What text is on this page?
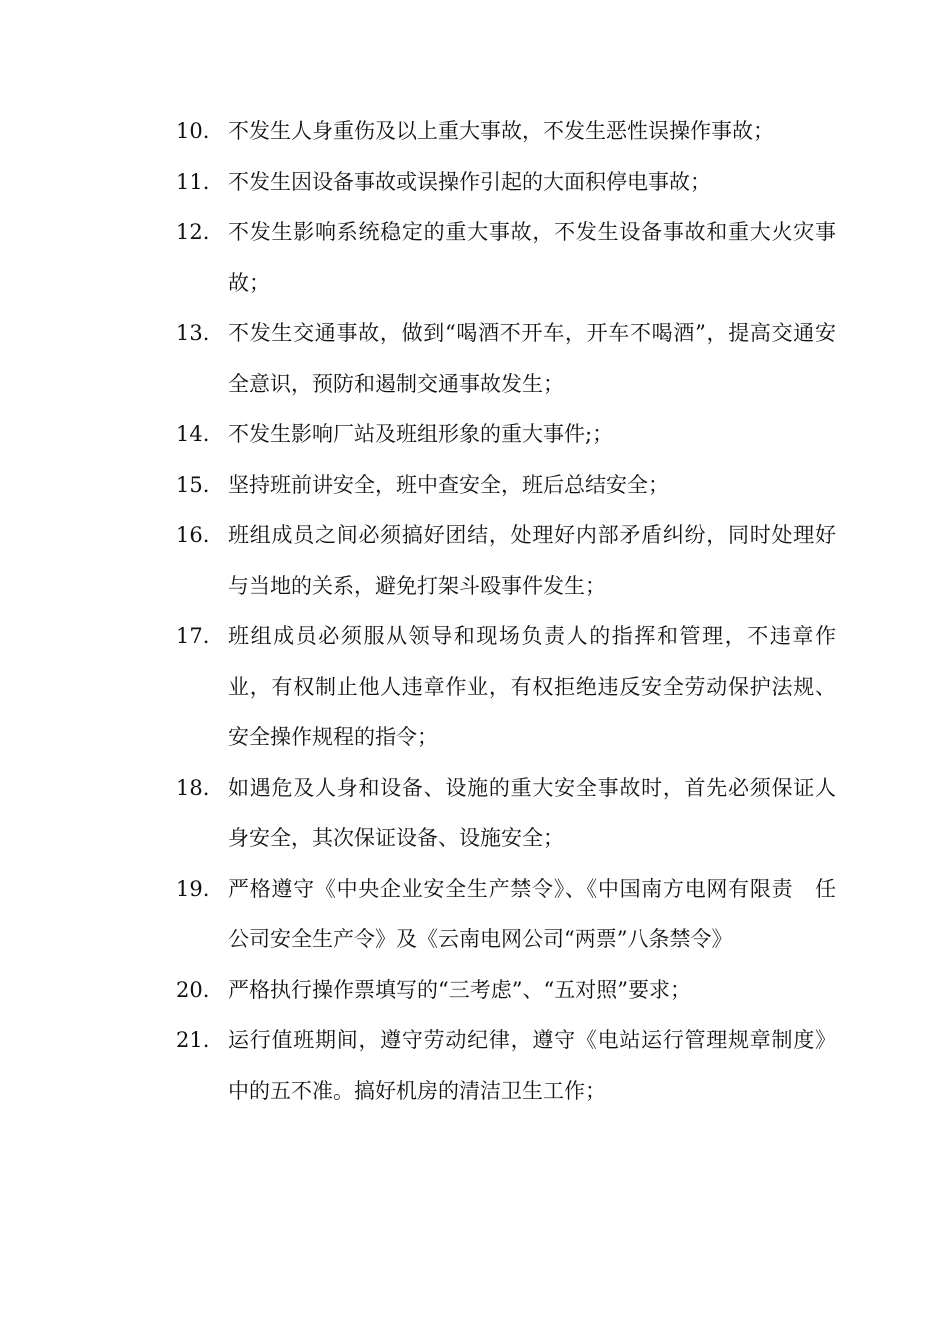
10. 不发生人身重伤及以上重大事故，不发生恶性误操作事故；
11. 不发生因设备事故或误操作引起的大面积停电事故；
12. 不发生影响系统稳定的重大事故，不发生设备事故和重大火灾事故；
13. 不发生交通事故，做到“喝酒不开车，开车不喝酒”，提高交通安全意识，预防和遏制交通事故发生；
14. 不发生影响厂站及班组形象的重大事件;；
15. 坚持班前讲安全，班中查安全，班后总结安全；
16. 班组成员之间必须搞好团结，处理好内部矛盾纠纷，同时处理好与当地的关系，避免打架斗殴事件发生；
17. 班组成员必须服从领导和现场负责人的指挥和管理，不违章作业，有权制止他人违章作业，有权拒绝违反安全劳动保护法规、安全操作规程的指令；
18. 如遇危及人身和设备、设施的重大安全事故时，首先必须保证人身安全，其次保证设备、设施安全；
19. 严格遵守《中央企业安全生产禁令》、《中国南方电网有限责　任公司安全生产令》及《云南电网公司“两票”八条禁令》
20. 严格执行操作票填写的“三考虑”、“五对照”要求；
21. 运行值班期间，遵守劳动纪律，遵守《电站运行管理规章制度》中的五不准。搞好机房的清洁卫生工作；
